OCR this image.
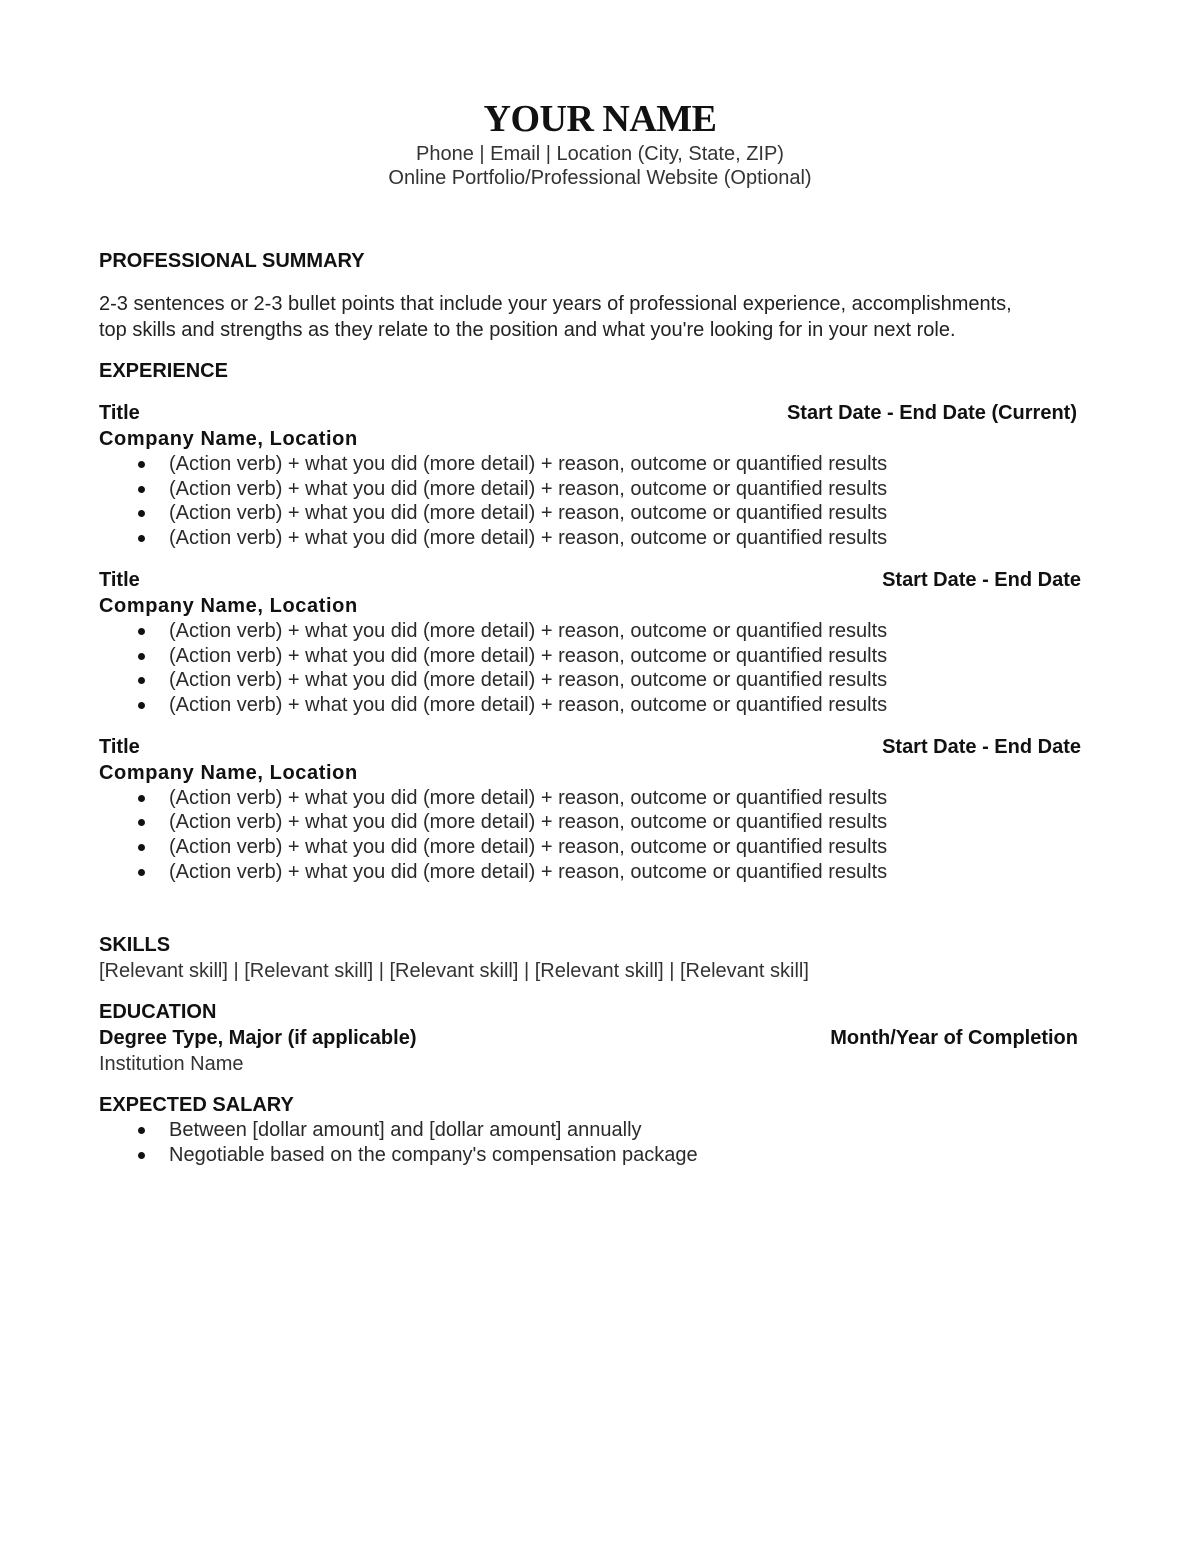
YOUR NAME
Phone | Email | Location (City, State, ZIP)
Online Portfolio/Professional Website (Optional)
PROFESSIONAL SUMMARY
2-3 sentences or 2-3 bullet points that include your years of professional experience, accomplishments,
top skills and strengths as they relate to the position and what you're looking for in your next role.
EXPERIENCE
Title	Start Date - End Date (Current)
Company Name, Location
(Action verb) + what you did (more detail) + reason, outcome or quantified results
(Action verb) + what you did (more detail) + reason, outcome or quantified results
(Action verb) + what you did (more detail) + reason, outcome or quantified results
(Action verb) + what you did (more detail) + reason, outcome or quantified results
Title	Start Date - End Date
Company Name, Location
(Action verb) + what you did (more detail) + reason, outcome or quantified results
(Action verb) + what you did (more detail) + reason, outcome or quantified results
(Action verb) + what you did (more detail) + reason, outcome or quantified results
(Action verb) + what you did (more detail) + reason, outcome or quantified results
Title	Start Date - End Date
Company Name, Location
(Action verb) + what you did (more detail) + reason, outcome or quantified results
(Action verb) + what you did (more detail) + reason, outcome or quantified results
(Action verb) + what you did (more detail) + reason, outcome or quantified results
(Action verb) + what you did (more detail) + reason, outcome or quantified results
SKILLS
[Relevant skill] | [Relevant skill] | [Relevant skill] | [Relevant skill] | [Relevant skill]
EDUCATION
Degree Type, Major (if applicable)	Month/Year of Completion
Institution Name
EXPECTED SALARY
Between [dollar amount] and [dollar amount] annually
Negotiable based on the company's compensation package
